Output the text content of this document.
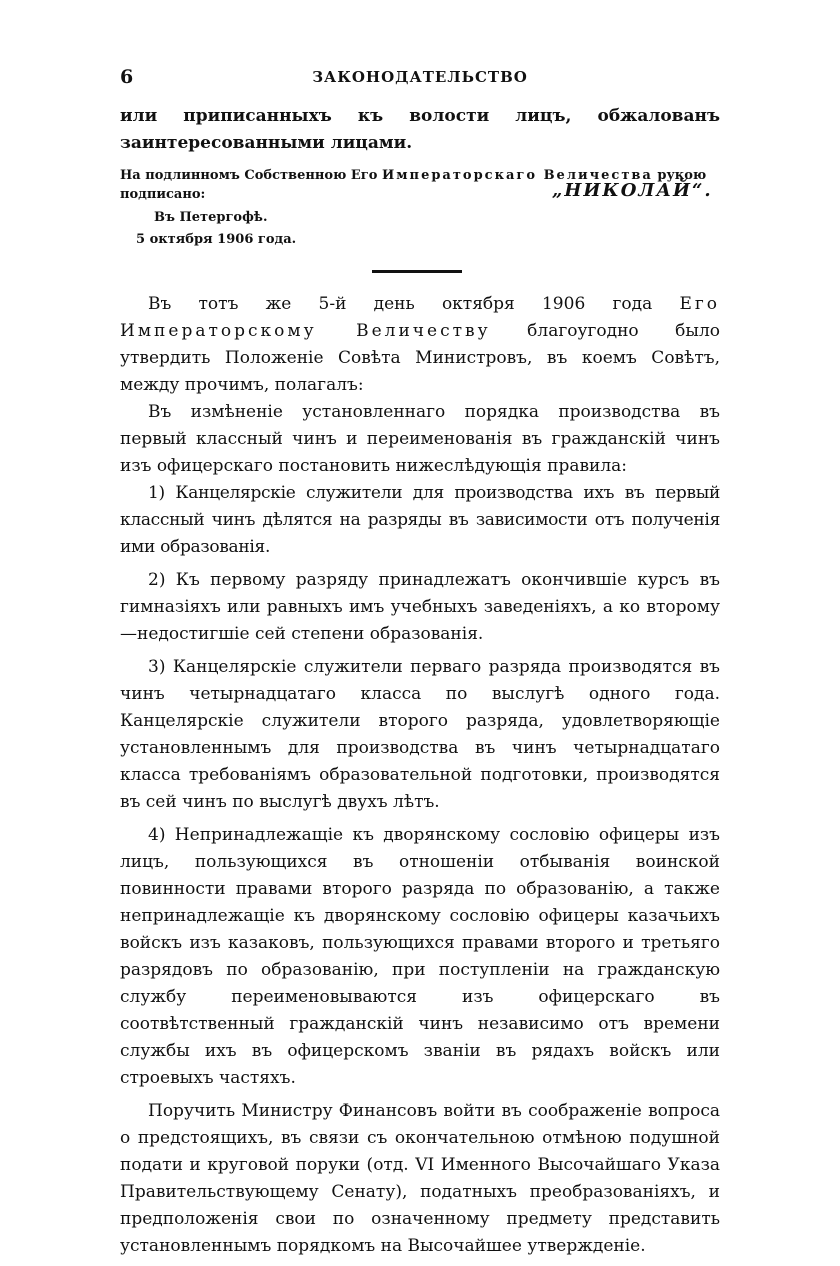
6	ЗАКОНОДАТЕЛЬСТВО

или приписанныхъ къ волости лицъ, обжалованъ заинтересованными лицами.

На подлинномъ Собственною Его Императорскаго Величества рукою

подписано:	„НИКОЛАЙ“.
Въ Петергофѣ.
5 октября 1906 года.

Въ тотъ же 5-й день октября 1906 года Его Императорскому Величеству благоугодно было утвердить Положеніе Совѣта Министровъ, въ коемъ Совѣтъ, между прочимъ, полагалъ:

Въ измѣненіе установленнаго порядка производства въ первый классный чинъ и переименованія въ гражданскій чинъ изъ офицерскаго постановить нижеслѣдующія правила:

1) Канцелярскіе служители для производства ихъ въ первый классный чинъ дѣлятся на разряды въ зависимости отъ полученія ими образованія.

2) Къ первому разряду принадлежатъ окончившіе курсъ въ гимназіяхъ или равныхъ имъ учебныхъ заведеніяхъ, а ко второму—недостигшіе сей степени образованія.

3) Канцелярскіе служители перваго разряда производятся въ чинъ четырнадцатаго класса по выслугѣ одного года. Канцелярскіе служители второго разряда, удовлетворяющіе установленнымъ для производства въ чинъ четырнадцатаго класса требованіямъ образовательной подготовки, производятся въ сей чинъ по выслугѣ двухъ лѣтъ.

4) Непринадлежащіе къ дворянскому сословію офицеры изъ лицъ, пользующихся въ отношеніи отбыванія воинской повинности правами второго разряда по образованію, а также непринадлежащіе къ дворянскому сословію офицеры казачьихъ войскъ изъ казаковъ, пользующихся правами второго и третьяго разрядовъ по образованію, при поступленіи на гражданскую службу переименовываются изъ офицерскаго въ соотвѣтственный гражданскій чинъ независимо отъ времени службы ихъ въ офицерскомъ званіи въ рядахъ войскъ или строевыхъ частяхъ.

Поручить Министру Финансовъ войти въ соображеніе вопроса о предстоящихъ, въ связи съ окончательною отмѣною подушной подати и круговой поруки (отд. VI Именного Высочайшаго Указа Правительствующему Сенату), податныхъ преобразованіяхъ, и предположенія свои по означенному предмету представить установленнымъ порядкомъ на Высочайшее утвержденіе.
